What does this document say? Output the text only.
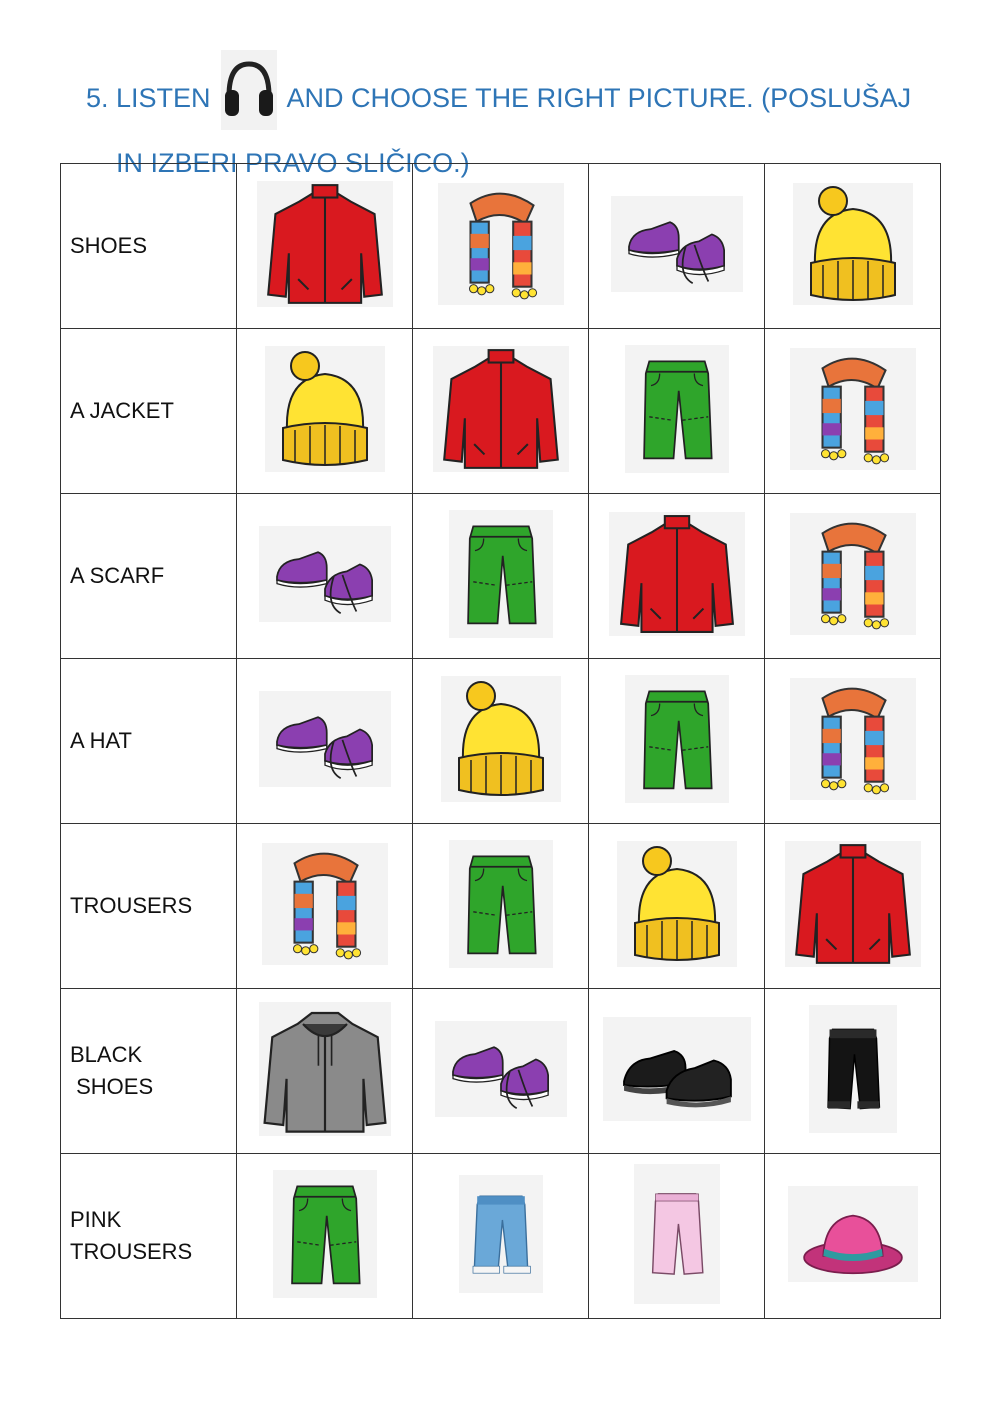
5. LISTEN	AND CHOOSE THE RIGHT PICTURE. (POSLUŠAJ
IN IZBERI PRAVO SLIČICO.)
SHOES	

A JACKET	

A SCARF	

A HAT	

TROUSERS	

BLACK
SHOES	

PINK
TROUSERS	
